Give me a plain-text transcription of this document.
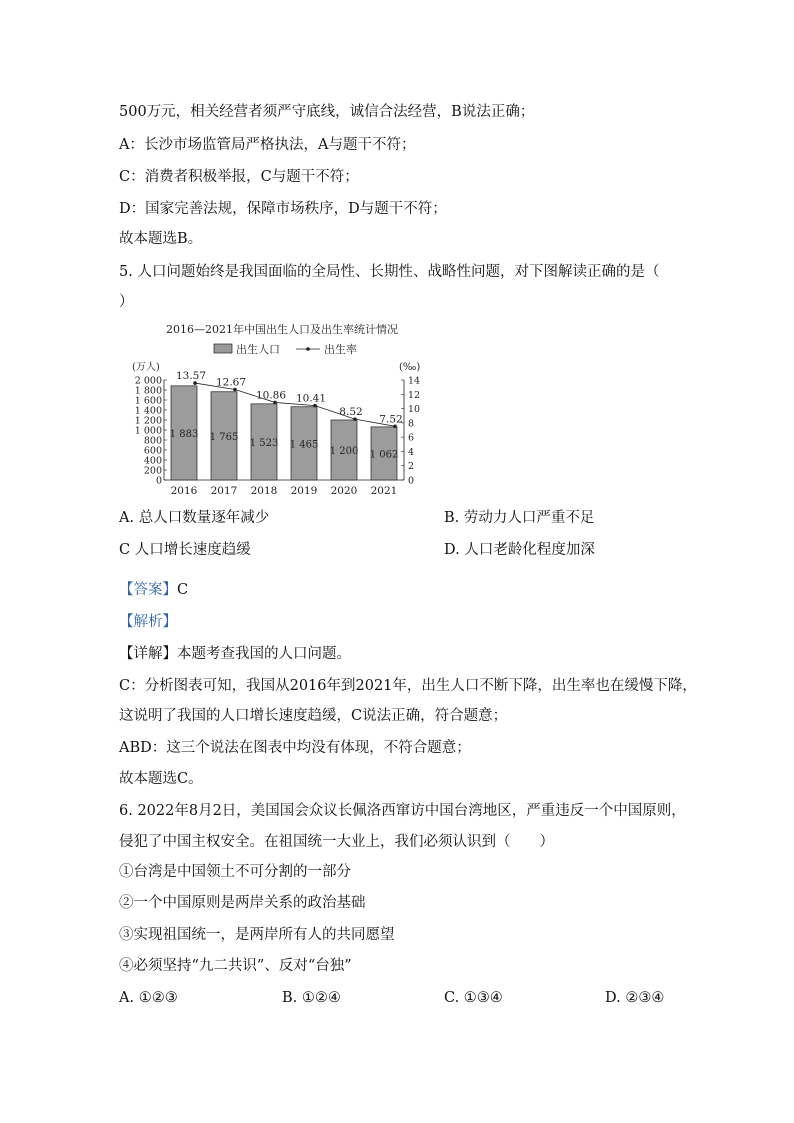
500万元，相关经营者须严守底线，诚信合法经营，B说法正确；
A：长沙市场监管局严格执法，A与题干不符；
C：消费者积极举报，C与题干不符；
D：国家完善法规，保障市场秩序，D与题干不符；
故本题选B。
5. 人口问题始终是我国面临的全局性、长期性、战略性问题，对下图解读正确的是（
）
2016—2021年中国出生人口及出生率统计情况
出生人口	出生率
(万人)	(‰)
0
200
400
600
800
1 000
1 200
1 400
1 600
1 800
2 000
0
2
4
6
8
10
12
14
1 883
2016
1 765
2017
1 523
2018
1 465
2019
1 200
2020
1 062
2021
13.57
12.67
10.86 10.41
8.52
7.52
A. 总人口数量逐年减少	B. 劳动力人口严重不足
C 人口增长速度趋缓	D. 人口老龄化程度加深
【答案】C
【解析】
【详解】本题考查我国的人口问题。
C：分析图表可知，我国从2016年到2021年，出生人口不断下降，出生率也在缓慢下降，
这说明了我国的人口增长速度趋缓，C说法正确，符合题意；
ABD：这三个说法在图表中均没有体现，不符合题意；
故本题选C。
6. 2022年8月2日，美国国会众议长佩洛西窜访中国台湾地区，严重违反一个中国原则，
侵犯了中国主权安全。在祖国统一大业上，我们必须认识到（　　）
①台湾是中国领土不可分割的一部分
②一个中国原则是两岸关系的政治基础
③实现祖国统一，是两岸所有人的共同愿望
④必须坚持“九二共识”、反对“台独”
A. ①②③	B. ①②④	C. ①③④	D. ②③④
